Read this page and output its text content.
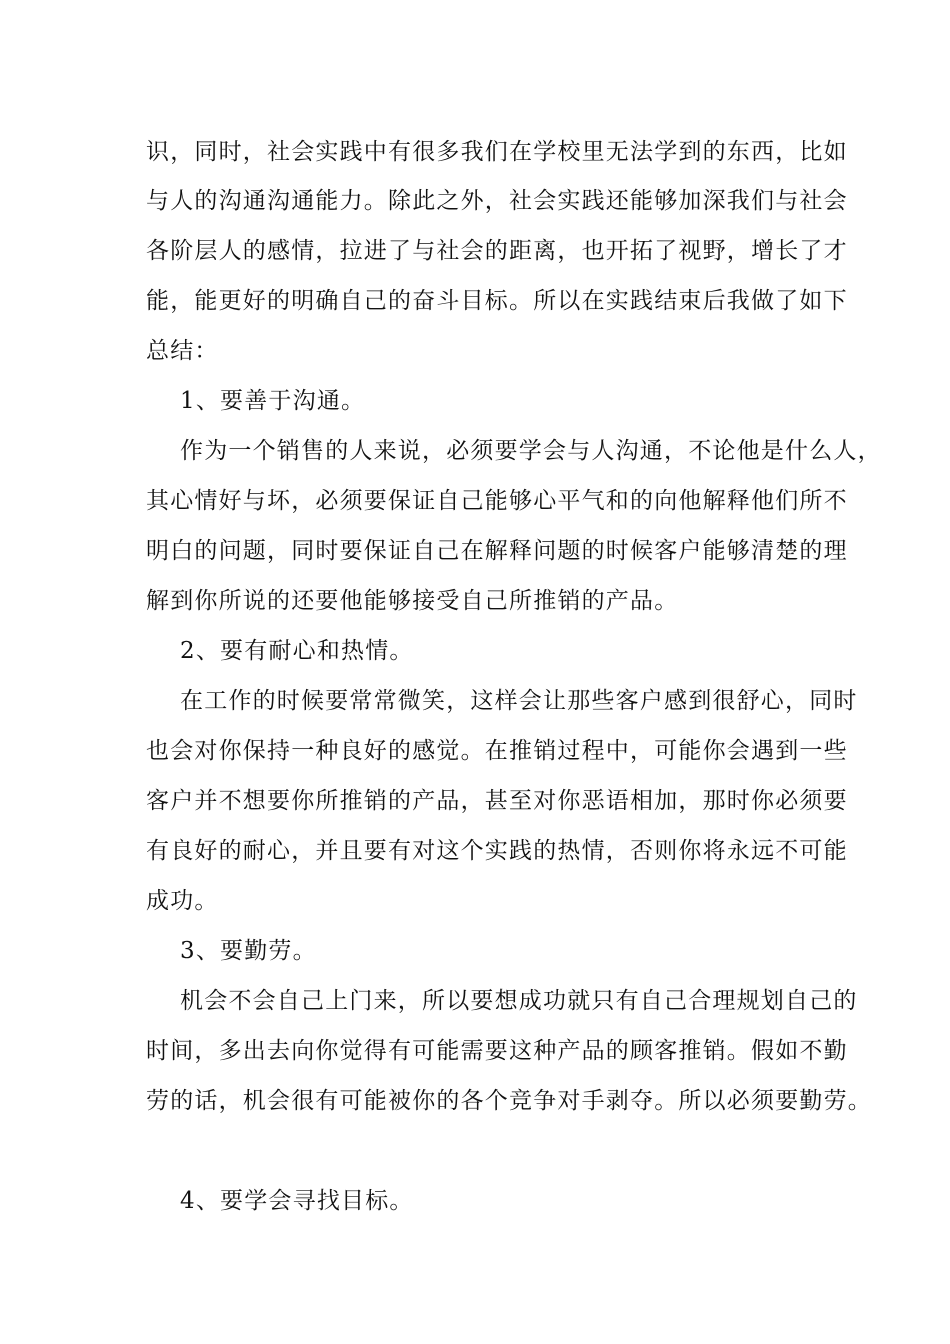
识，同时，社会实践中有很多我们在学校里无法学到的东西，比如
与人的沟通沟通能力。除此之外，社会实践还能够加深我们与社会
各阶层人的感情，拉进了与社会的距离，也开拓了视野，增长了才
能，能更好的明确自己的奋斗目标。所以在实践结束后我做了如下
总结：
1、要善于沟通。
作为一个销售的人来说，必须要学会与人沟通，不论他是什么人，
其心情好与坏，必须要保证自己能够心平气和的向他解释他们所不
明白的问题，同时要保证自己在解释问题的时候客户能够清楚的理
解到你所说的还要他能够接受自己所推销的产品。
2、要有耐心和热情。
在工作的时候要常常微笑，这样会让那些客户感到很舒心，同时
也会对你保持一种良好的感觉。在推销过程中，可能你会遇到一些
客户并不想要你所推销的产品，甚至对你恶语相加，那时你必须要
有良好的耐心，并且要有对这个实践的热情，否则你将永远不可能
成功。
3、要勤劳。
机会不会自己上门来，所以要想成功就只有自己合理规划自己的
时间，多出去向你觉得有可能需要这种产品的顾客推销。假如不勤
劳的话，机会很有可能被你的各个竞争对手剥夺。所以必须要勤劳。
4、要学会寻找目标。
